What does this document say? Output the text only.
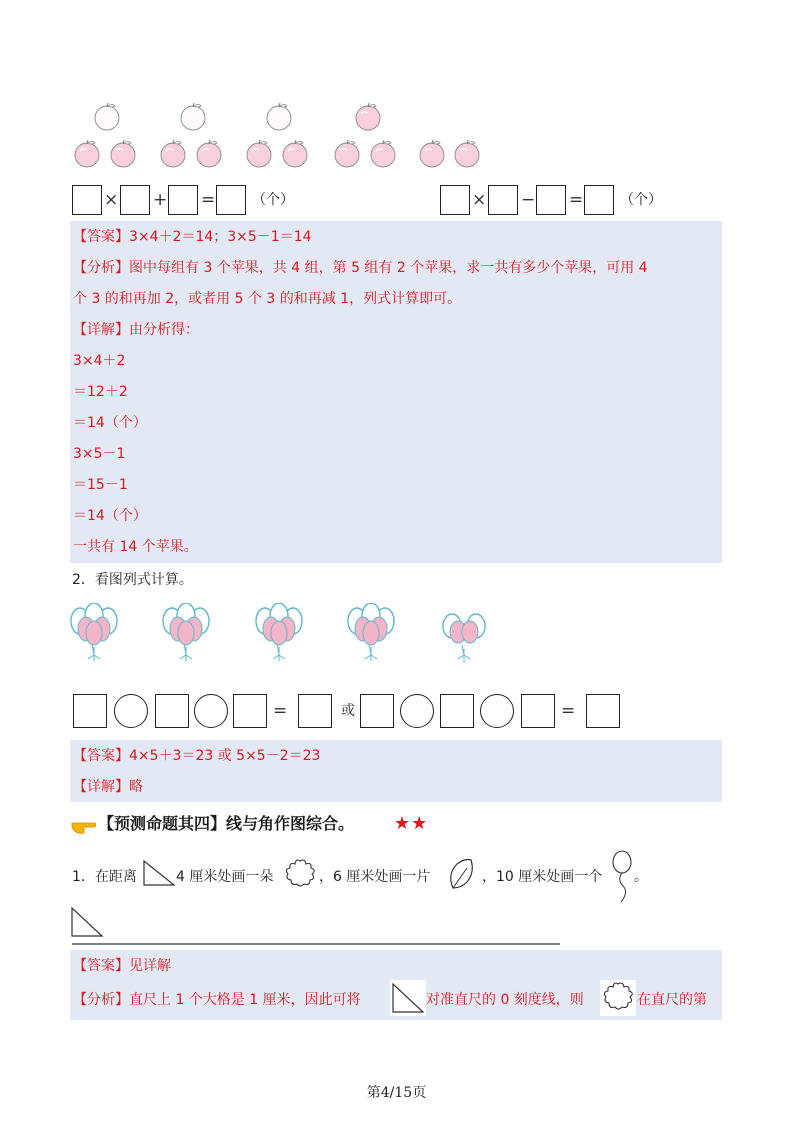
× + =	（个）	× − =	（个）
【答案】3×4＋2＝14；3×5－1＝14
【分析】图中每组有 3 个苹果，共 4 组，第 5 组有 2 个苹果，求一共有多少个苹果，可用 4
个 3 的和再加 2，或者用 5 个 3 的和再减 1，列式计算即可。
【详解】由分析得：
3×4＋2
＝12＋2
＝14（个）
3×5－1
＝15－1
＝14（个）
一共有 14 个苹果。
2．看图列式计算。
=	或	=
【答案】4×5＋3＝23 或 5×5－2＝23
【详解】略
【预测命题其四】线与角作图综合。 ★★
1．在距离	4 厘米处画一朵	，6 厘米处画一片	，10 厘米处画一个 。
【答案】见详解
【分析】直尺上 1 个大格是 1 厘米，因此可将	对准直尺的 0 刻度线，则	在直尺的第
第4/15页
